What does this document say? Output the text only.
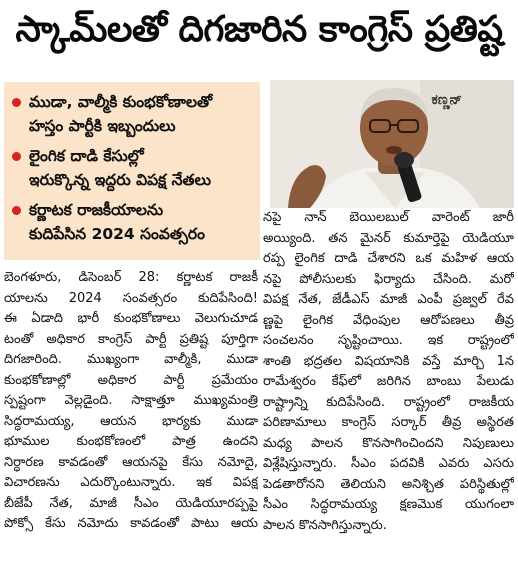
స్కామ్‌లతో దిగజారిన కాంగ్రెస్ ప్రతిష్ట
ముడా, వాల్మీకి కుంభకోణాలతో
హస్తం పార్టీకి ఇబ్బందులు
లైంగిక దాడి కేసుల్లో
ఇరుక్కొన్న ఇద్దరు విపక్ష నేతలు
కర్ణాటక రాజకీయాలను
కుదిపేసిన 2024 సంవత్సరం
ಕಣ್ಣನ್
బెంగళూరు, డిసెంబర్ 28: కర్ణాటక రాజకీ
యాలను 2024 సంవత్సరం కుదిపేసింది!
ఈ ఏడాది భారీ కుంభకోణాలు వెలుగుచూడ
టంతో అధికార కాంగ్రెస్ పార్టీ ప్రతిష్ట పూర్తిగా
దిగజారింది. ముఖ్యంగా వాల్మీకి, ముడా
కుంభకోణాల్లో అధికార పార్టీ ప్రమేయం
స్పష్టంగా వెల్లడైంది. సాక్షాత్తూ ముఖ్యమంత్రి
సిద్ధరామయ్య, ఆయన భార్యకు ముడా
భూముల కుంభకోణంలో పాత్ర ఉందని
నిర్ధారణ కావడంతో ఆయనపై కేసు నమోదై,
విచారణను ఎదుర్కొంటున్నారు. ఇక విపక్ష
బీజేపీ నేత, మాజీ సీఎం యెడియూరప్పపై
పోక్సో కేసు నమోదు కావడంతో పాటు ఆయ
నపై నాన్ బెయిలబుల్ వారెంట్ జారీ
అయ్యింది. తన మైనర్ కుమార్తెపై యెడియూ
రప్ప లైంగిక దాడి చేశారని ఒక మహిళ ఆయ
నపై పోలీసులకు ఫిర్యాదు చేసింది. మరో
విపక్ష నేత, జేడీఎస్ మాజీ ఎంపీ ప్రజ్వల్ రేవ
ణ్ణపై లైంగిక వేధింపుల ఆరోపణలు తీవ్ర
సంచలనం సృష్టించాయి. ఇక రాష్ట్రంలో
శాంతి భద్రతల విషయానికి వస్తే మార్చి 1న
రామేశ్వరం కేఫ్‌లో జరిగిన బాంబు పేలుడు
రాష్ట్రాన్ని కుదిపేసింది. రాష్ట్రంలో రాజకీయ
పరిణామాలు కాంగ్రెస్ సర్కార్ తీవ్ర అస్థిరత
మధ్య పాలన కొనసాగించిందని నిపుణులు
విశ్లేషిస్తున్నారు. సీఎం పదవికి ఎవరు ఎసరు
పెడతారోనని తెలియని అనిశ్చిత పరిస్థితుల్లో
సీఎం సిద్ధరామయ్య క్షణమొక యుగంలా
పాలన కొనసాగిస్తున్నారు.
